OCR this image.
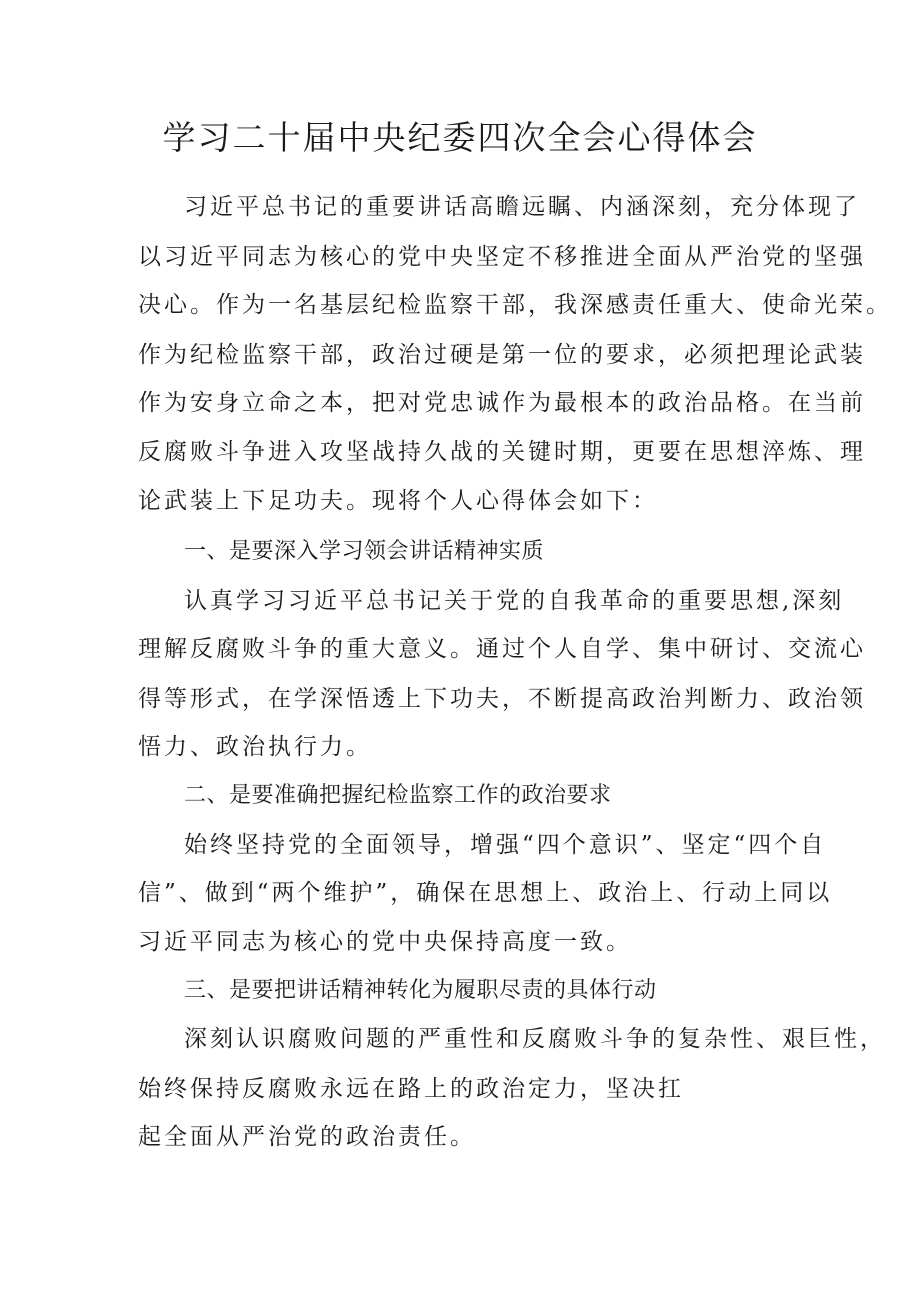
学习二十届中央纪委四次全会心得体会
习近平总书记的重要讲话高瞻远瞩、内涵深刻，充分体现了
以习近平同志为核心的党中央坚定不移推进全面从严治党的坚强
决心。作为一名基层纪检监察干部，我深感责任重大、使命光荣。
作为纪检监察干部，政治过硬是第一位的要求，必须把理论武装
作为安身立命之本，把对党忠诚作为最根本的政治品格。在当前
反腐败斗争进入攻坚战持久战的关键时期，更要在思想淬炼、理
论武装上下足功夫。现将个人心得体会如下：
一、是要深入学习领会讲话精神实质
认真学习习近平总书记关于党的自我革命的重要思想,深刻
理解反腐败斗争的重大意义。通过个人自学、集中研讨、交流心
得等形式，在学深悟透上下功夫，不断提高政治判断力、政治领
悟力、政治执行力。
二、是要准确把握纪检监察工作的政治要求
始终坚持党的全面领导，增强“四个意识”、坚定“四个自
信”、做到“两个维护”，确保在思想上、政治上、行动上同以
习近平同志为核心的党中央保持高度一致。
三、是要把讲话精神转化为履职尽责的具体行动
深刻认识腐败问题的严重性和反腐败斗争的复杂性、艰巨性，
始终保持反腐败永远在路上的政治定力，坚决扛
起全面从严治党的政治责任。
